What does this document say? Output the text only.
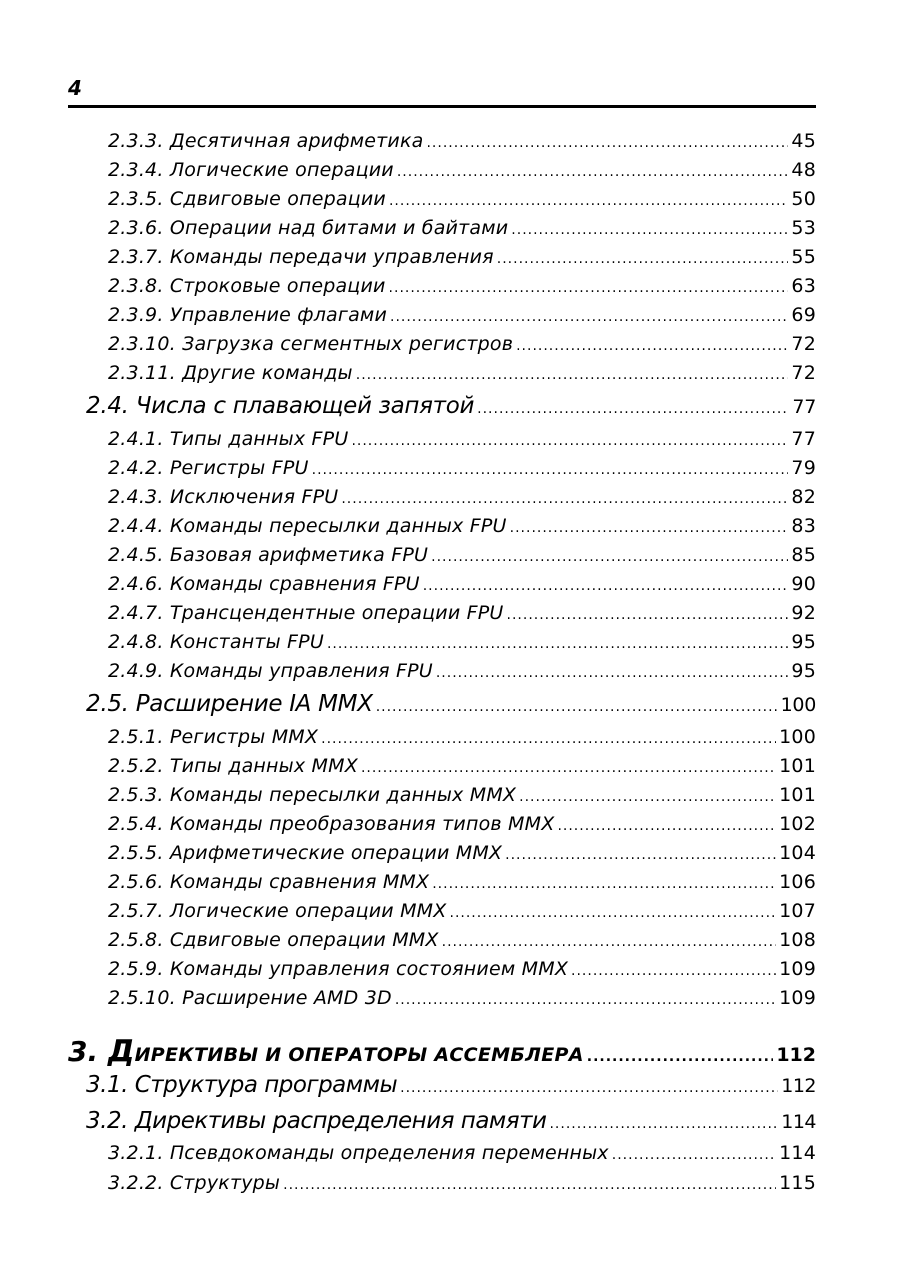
4
2.3.3. Десятичная арифметика .....	45
2.3.4. Логические операции .....	48
2.3.5. Сдвиговые операции .....	50
2.3.6. Операции над битами и байтами .....	53
2.3.7. Команды передачи управления .....	55
2.3.8. Строковые операции .....	63
2.3.9. Управление флагами .....	69
2.3.10. Загрузка сегментных регистров .....	72
2.3.11. Другие команды .....	72
2.4. Числа с плавающей запятой .....	77
2.4.1. Типы данных FPU .....	77
2.4.2. Регистры FPU .....	79
2.4.3. Исключения FPU .....	82
2.4.4. Команды пересылки данных FPU .....	83
2.4.5. Базовая арифметика FPU .....	85
2.4.6. Команды сравнения FPU .....	90
2.4.7. Трансцендентные операции FPU .....	92
2.4.8. Константы FPU .....	95
2.4.9. Команды управления FPU .....	95
2.5. Расширение IA MMX .....	100
2.5.1. Регистры MMX .....	100
2.5.2. Типы данных MMX .....	101
2.5.3. Команды пересылки данных MMX .....	101
2.5.4. Команды преобразования типов MMX .....	102
2.5.5. Арифметические операции MMX .....	104
2.5.6. Команды сравнения MMX .....	106
2.5.7. Логические операции MMX .....	107
2.5.8. Сдвиговые операции MMX .....	108
2.5.9. Команды управления состоянием MMX .....	109
2.5.10. Расширение AMD 3D .....	109
3. ДИРЕКТИВЫ И ОПЕРАТОРЫ АССЕМБЛЕРА .....	112
3.1. Структура программы .....	112
3.2. Директивы распределения памяти .....	114
3.2.1. Псевдокоманды определения переменных .....	114
3.2.2. Структуры .....	115
